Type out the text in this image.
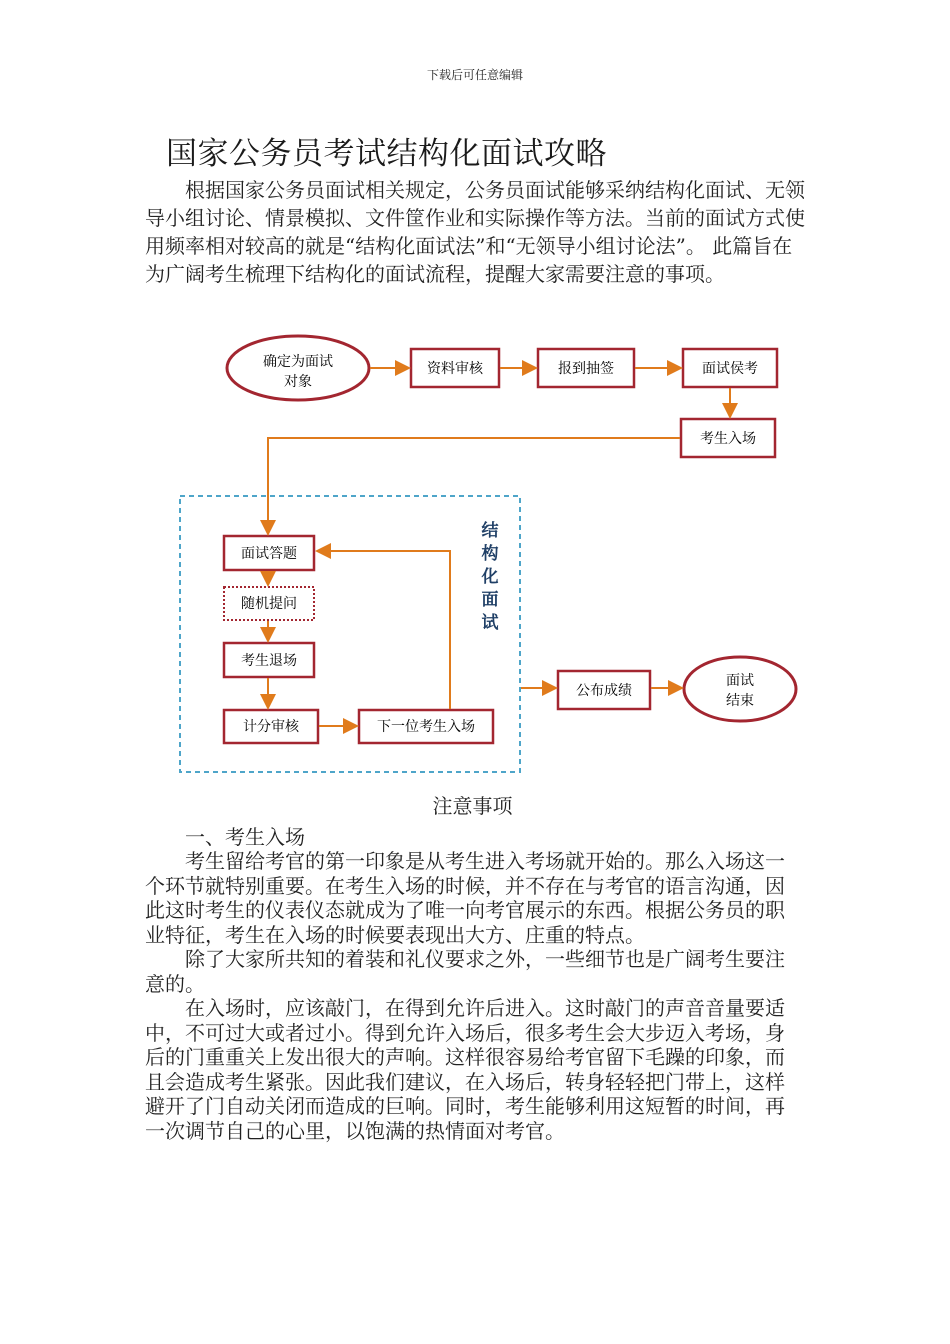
下载后可任意编辑
国家公务员考试结构化面试攻略

根据国家公务员面试相关规定，公务员面试能够采纳结构化面试、无领导小组讨论、情景模拟、文件筐作业和实际操作等方法。当前的面试方式使用频率相对较高的就是“结构化面试法”和“无领导小组讨论法”。 此篇旨在为广阔考生梳理下结构化的面试流程，提醒大家需要注意的事项。

确定为面试
对象
资料审核	报到抽签	面试侯考
考生入场
面试答题
随机提问
考生退场
计分审核	下一位考生入场
结
构
化
面
试
公布成绩
面试
结束

注意事项

一、考生入场

考生留给考官的第一印象是从考生进入考场就开始的。那么入场这一个环节就特别重要。在考生入场的时候，并不存在与考官的语言沟通，因此这时考生的仪表仪态就成为了唯一向考官展示的东西。根据公务员的职业特征，考生在入场的时候要表现出大方、庄重的特点。

除了大家所共知的着装和礼仪要求之外，一些细节也是广阔考生要注意的。

在入场时，应该敲门，在得到允许后进入。这时敲门的声音音量要适中，不可过大或者过小。得到允许入场后，很多考生会大步迈入考场，身后的门重重关上发出很大的声响。这样很容易给考官留下毛躁的印象，而且会造成考生紧张。因此我们建议，在入场后，转身轻轻把门带上，这样避开了门自动关闭而造成的巨响。同时，考生能够利用这短暂的时间，再一次调节自己的心里，以饱满的热情面对考官。
